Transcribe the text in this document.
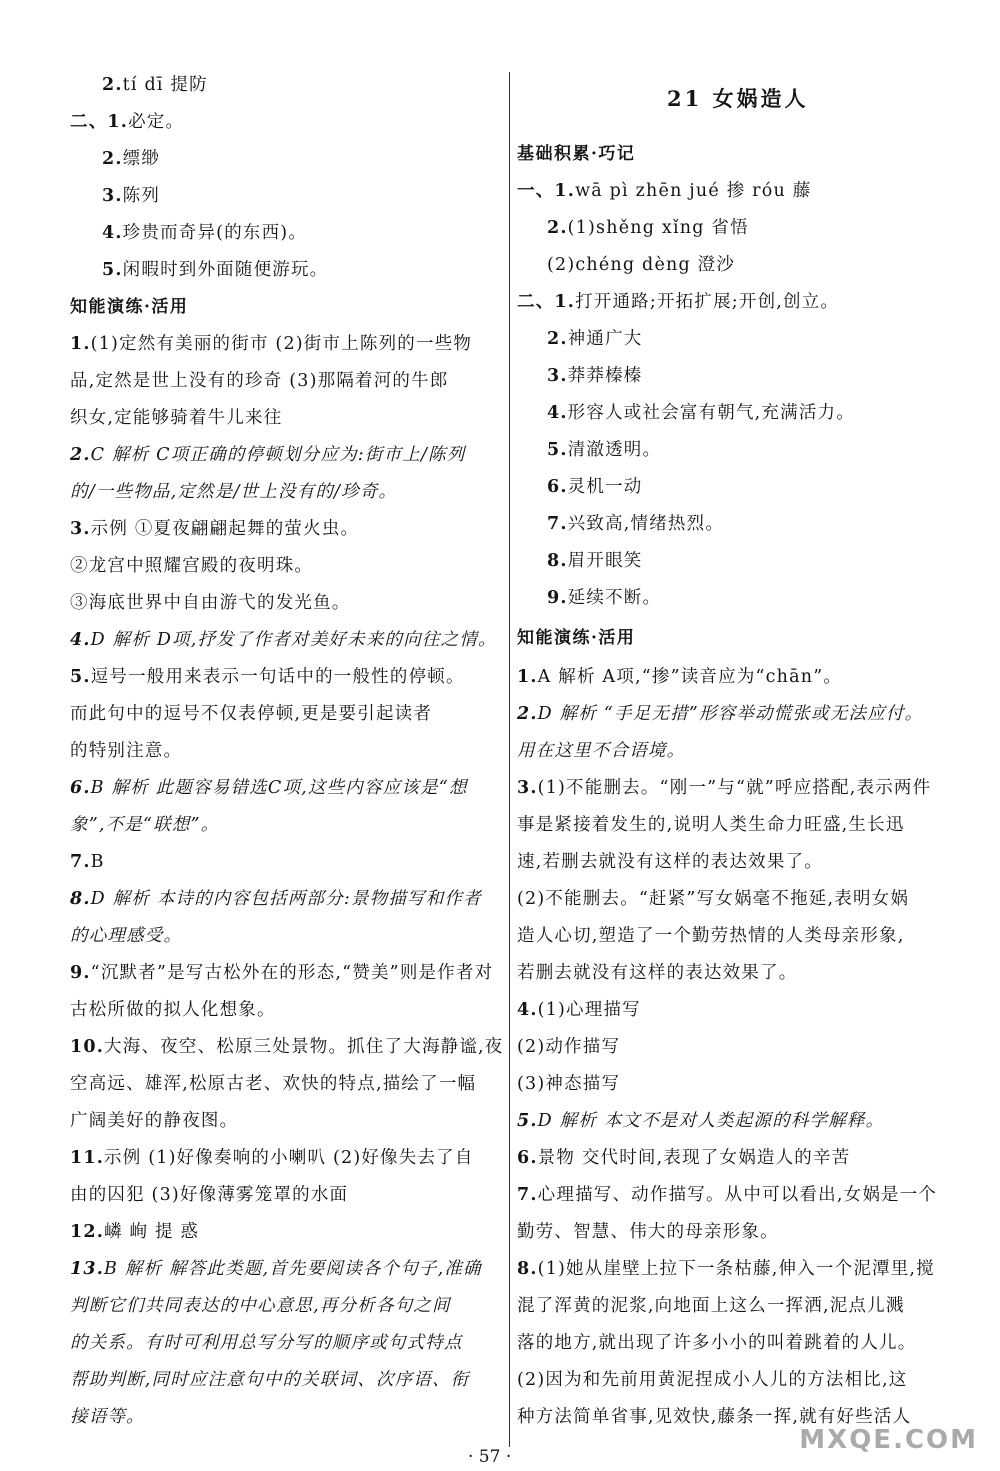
2.tí dī 提防
二、1.必定。
2.缥缈
3.陈列
4.珍贵而奇异(的东西)。
5.闲暇时到外面随便游玩。
知能演练·活用
1.(1)定然有美丽的街市 (2)街市上陈列的一些物
品,定然是世上没有的珍奇 (3)那隔着河的牛郎
织女,定能够骑着牛儿来往
2.C 解析 C项正确的停顿划分应为:街市上/陈列
的/一些物品,定然是/世上没有的/珍奇。
3.示例 ①夏夜翩翩起舞的萤火虫。
②龙宫中照耀宫殿的夜明珠。
③海底世界中自由游弋的发光鱼。
4.D 解析 D项,抒发了作者对美好未来的向往之情。
5.逗号一般用来表示一句话中的一般性的停顿。
而此句中的逗号不仅表停顿,更是要引起读者
的特别注意。
6.B 解析 此题容易错选C项,这些内容应该是“想
象”,不是“联想”。
7.B
8.D 解析 本诗的内容包括两部分:景物描写和作者
的心理感受。
9.“沉默者”是写古松外在的形态,“赞美”则是作者对
古松所做的拟人化想象。
10.大海、夜空、松原三处景物。抓住了大海静谧,夜
空高远、雄浑,松原古老、欢快的特点,描绘了一幅
广阔美好的静夜图。
11.示例 (1)好像奏响的小喇叭 (2)好像失去了自
由的囚犯 (3)好像薄雾笼罩的水面
12.嶙 峋 提 惑
13.B 解析 解答此类题,首先要阅读各个句子,准确
判断它们共同表达的中心意思,再分析各句之间
的关系。有时可利用总写分写的顺序或句式特点
帮助判断,同时应注意句中的关联词、次序语、衔
接语等。
21 女娲造人
基础积累·巧记
一、1.wā pì zhēn jué 掺 róu 藤
2.(1)shěng xǐng 省悟
(2)chéng dèng 澄沙
二、1.打开通路;开拓扩展;开创,创立。
2.神通广大
3.莽莽榛榛
4.形容人或社会富有朝气,充满活力。
5.清澈透明。
6.灵机一动
7.兴致高,情绪热烈。
8.眉开眼笑
9.延续不断。
知能演练·活用
1.A 解析 A项,“掺”读音应为“chān”。
2.D 解析 “手足无措”形容举动慌张或无法应付。
用在这里不合语境。
3.(1)不能删去。“刚一”与“就”呼应搭配,表示两件
事是紧接着发生的,说明人类生命力旺盛,生长迅
速,若删去就没有这样的表达效果了。
(2)不能删去。“赶紧”写女娲毫不拖延,表明女娲
造人心切,塑造了一个勤劳热情的人类母亲形象,
若删去就没有这样的表达效果了。
4.(1)心理描写
(2)动作描写
(3)神态描写
5.D 解析 本文不是对人类起源的科学解释。
6.景物 交代时间,表现了女娲造人的辛苦
7.心理描写、动作描写。从中可以看出,女娲是一个
勤劳、智慧、伟大的母亲形象。
8.(1)她从崖壁上拉下一条枯藤,伸入一个泥潭里,搅
混了浑黄的泥浆,向地面上这么一挥洒,泥点儿溅
落的地方,就出现了许多小小的叫着跳着的人儿。
(2)因为和先前用黄泥捏成小人儿的方法相比,这
种方法简单省事,见效快,藤条一挥,就有好些活人
· 57 ·
MXQE.COM
